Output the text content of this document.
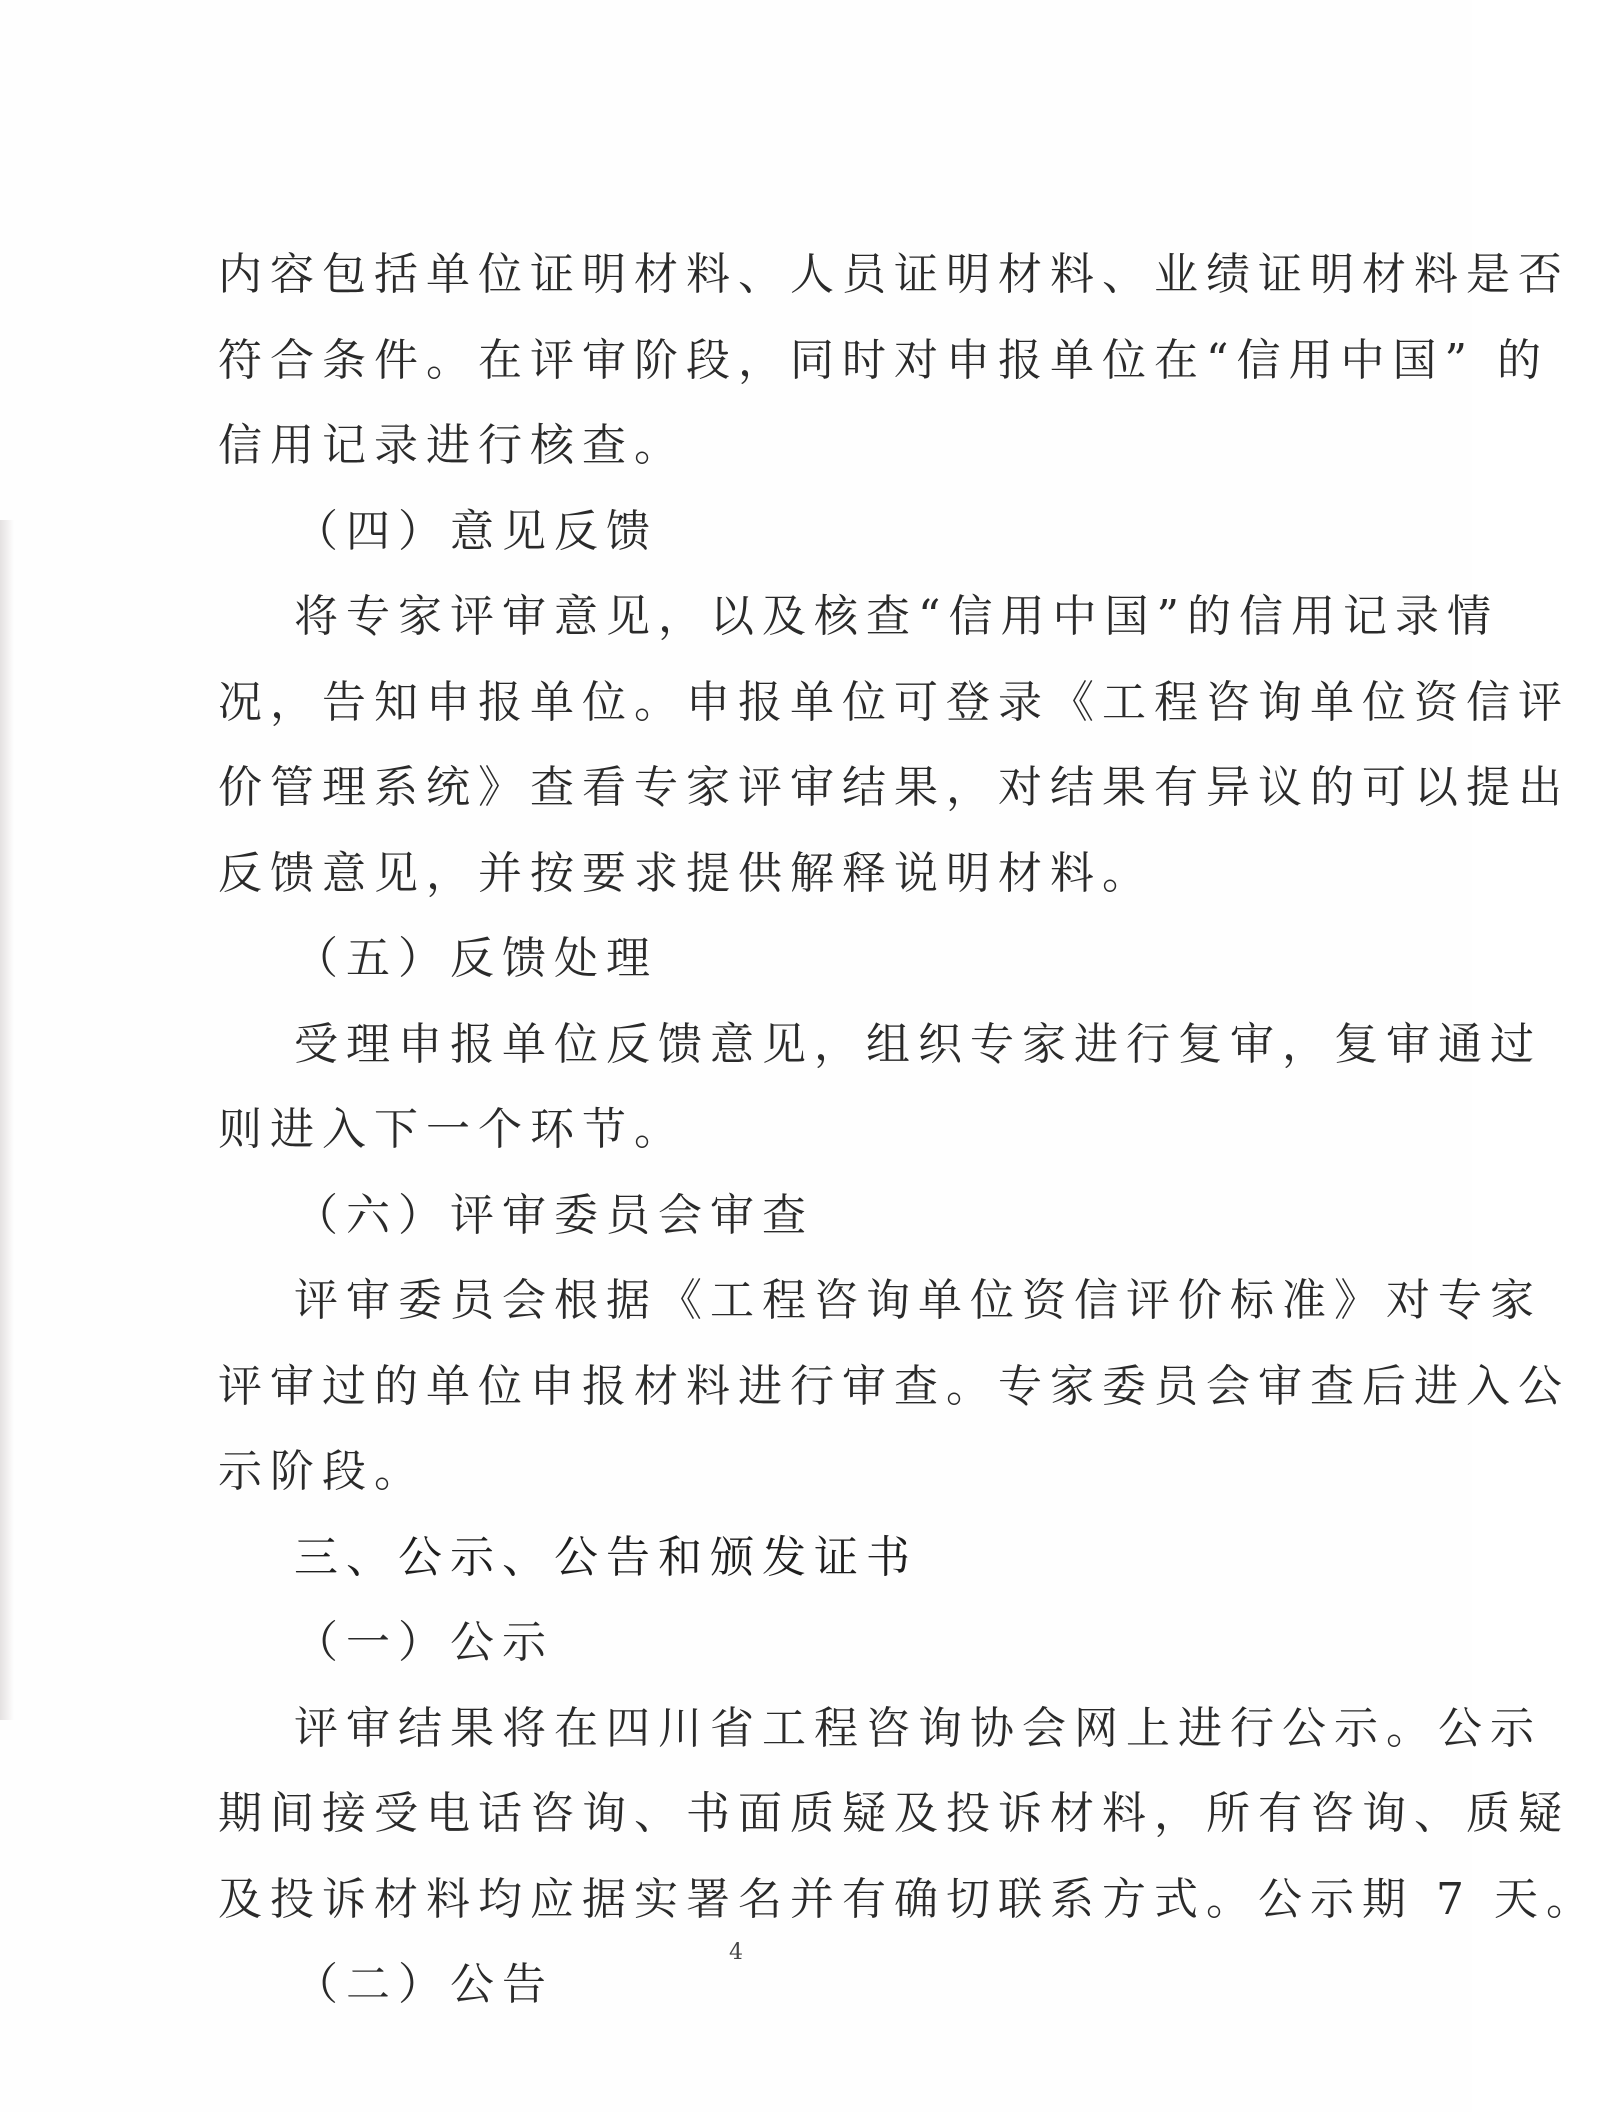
内容包括单位证明材料、人员证明材料、业绩证明材料是否
符合条件。在评审阶段，同时对申报单位在“信用中国” 的
信用记录进行核查。
（四）意见反馈
将专家评审意见，以及核查“信用中国”的信用记录情
况，告知申报单位。申报单位可登录《工程咨询单位资信评
价管理系统》查看专家评审结果，对结果有异议的可以提出
反馈意见，并按要求提供解释说明材料。
（五）反馈处理
受理申报单位反馈意见，组织专家进行复审，复审通过
则进入下一个环节。
（六）评审委员会审查
评审委员会根据《工程咨询单位资信评价标准》对专家
评审过的单位申报材料进行审查。专家委员会审查后进入公
示阶段。
三、公示、公告和颁发证书
（一）公示
评审结果将在四川省工程咨询协会网上进行公示。公示
期间接受电话咨询、书面质疑及投诉材料，所有咨询、质疑
及投诉材料均应据实署名并有确切联系方式。公示期 7 天。
（二）公告
4
